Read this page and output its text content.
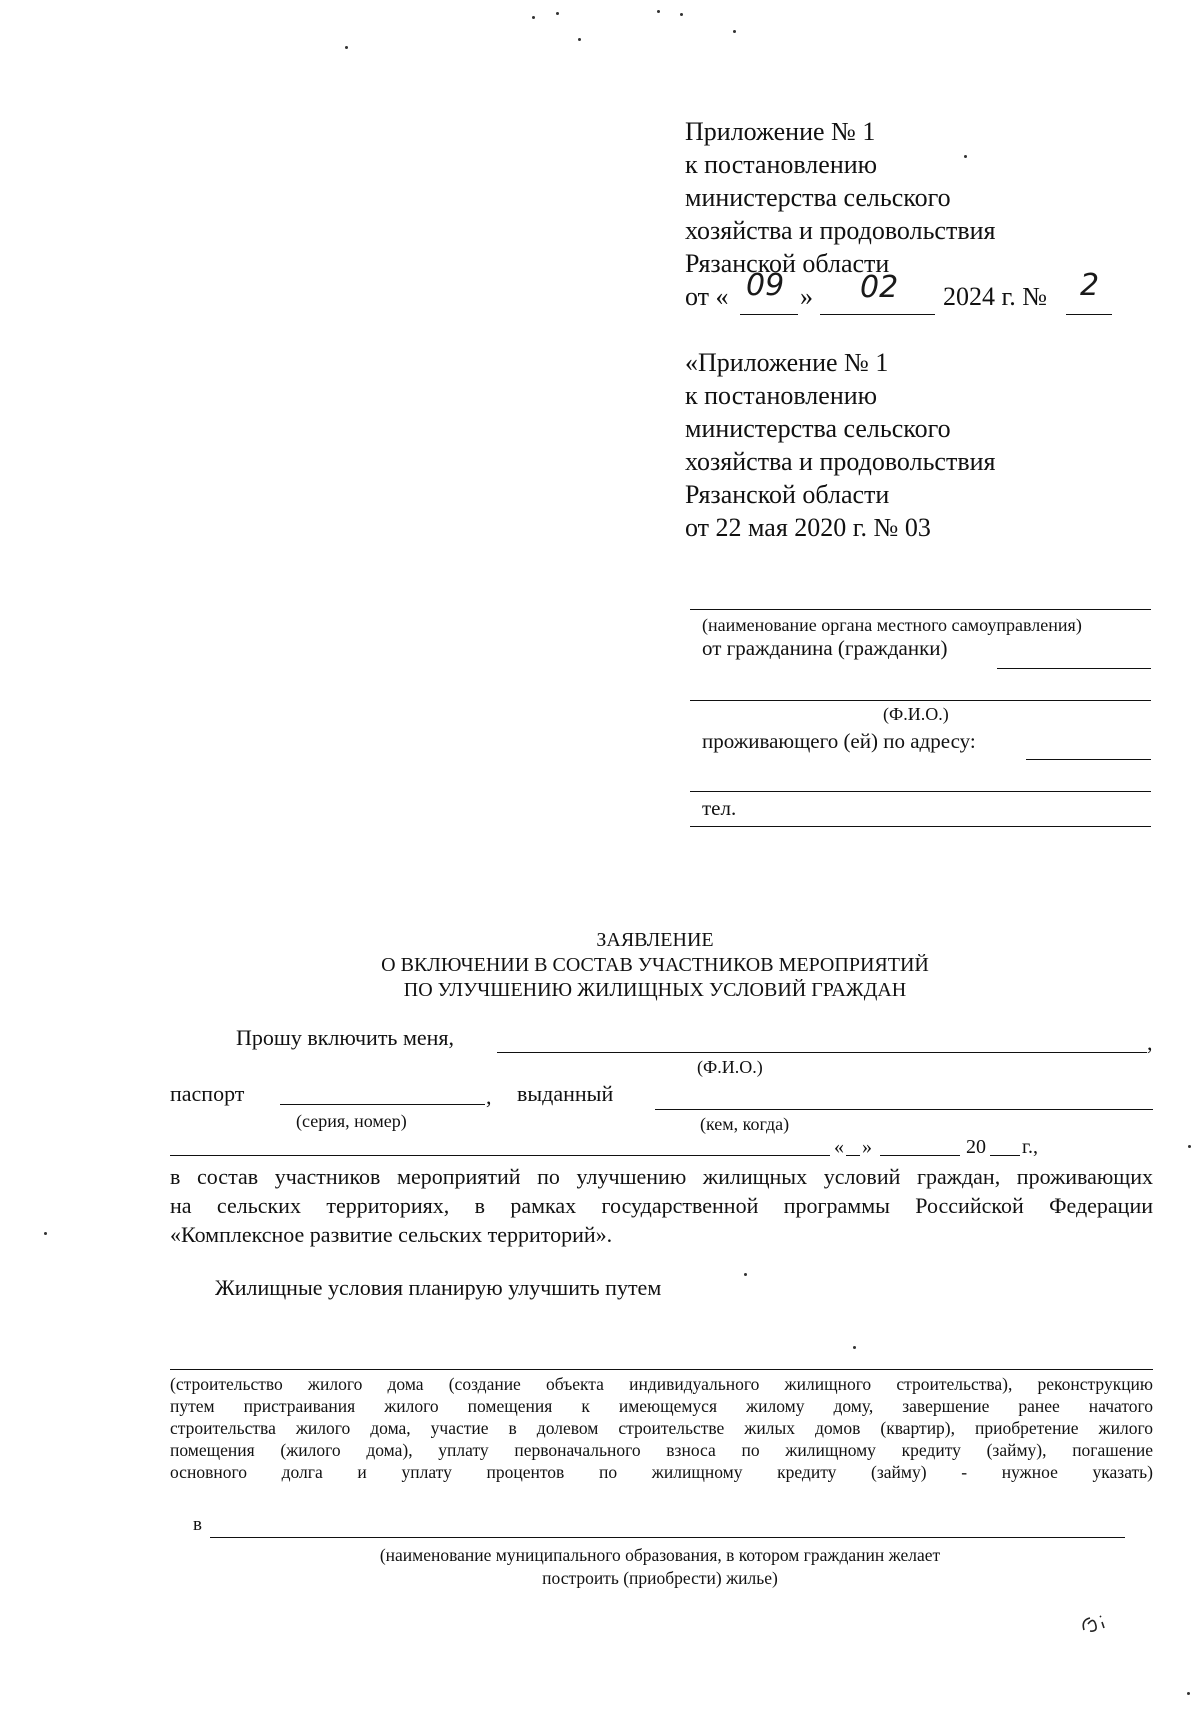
Приложение № 1
к постановлению
министерства сельского
хозяйства и продовольствия
Рязанской области
от « 09 » 02 2024 г. № 2
«Приложение № 1
к постановлению
министерства сельского
хозяйства и продовольствия
Рязанской области
от 22 мая 2020 г. № 03
(наименование органа местного самоуправления)
от гражданина (гражданки)
(Ф.И.О.)
проживающего (ей) по адресу:
тел.
ЗАЯВЛЕНИЕ
О ВКЛЮЧЕНИИ В СОСТАВ УЧАСТНИКОВ МЕРОПРИЯТИЙ
ПО УЛУЧШЕНИЮ ЖИЛИЩНЫХ УСЛОВИЙ ГРАЖДАН
Прошу включить меня,	,
(Ф.И.О.)
паспорт	, выданный
(серия, номер)	(кем, когда)
« »	20 г.,
в состав участников мероприятий по улучшению жилищных условий граждан, проживающих
на сельских территориях, в рамках государственной программы Российской Федерации
«Комплексное развитие сельских территорий».
Жилищные условия планирую улучшить путем
(строительство жилого дома (создание объекта индивидуального жилищного строительства), реконструкцию
путем пристраивания жилого помещения к имеющемуся жилому дому, завершение ранее начатого
строительства жилого дома, участие в долевом строительстве жилых домов (квартир), приобретение жилого
помещения (жилого дома), уплату первоначального взноса по жилищному кредиту (займу), погашение
основного долга и уплату процентов по жилищному кредиту (займу) - нужное указать)
в
(наименование муниципального образования, в котором гражданин желает
построить (приобрести) жилье)
